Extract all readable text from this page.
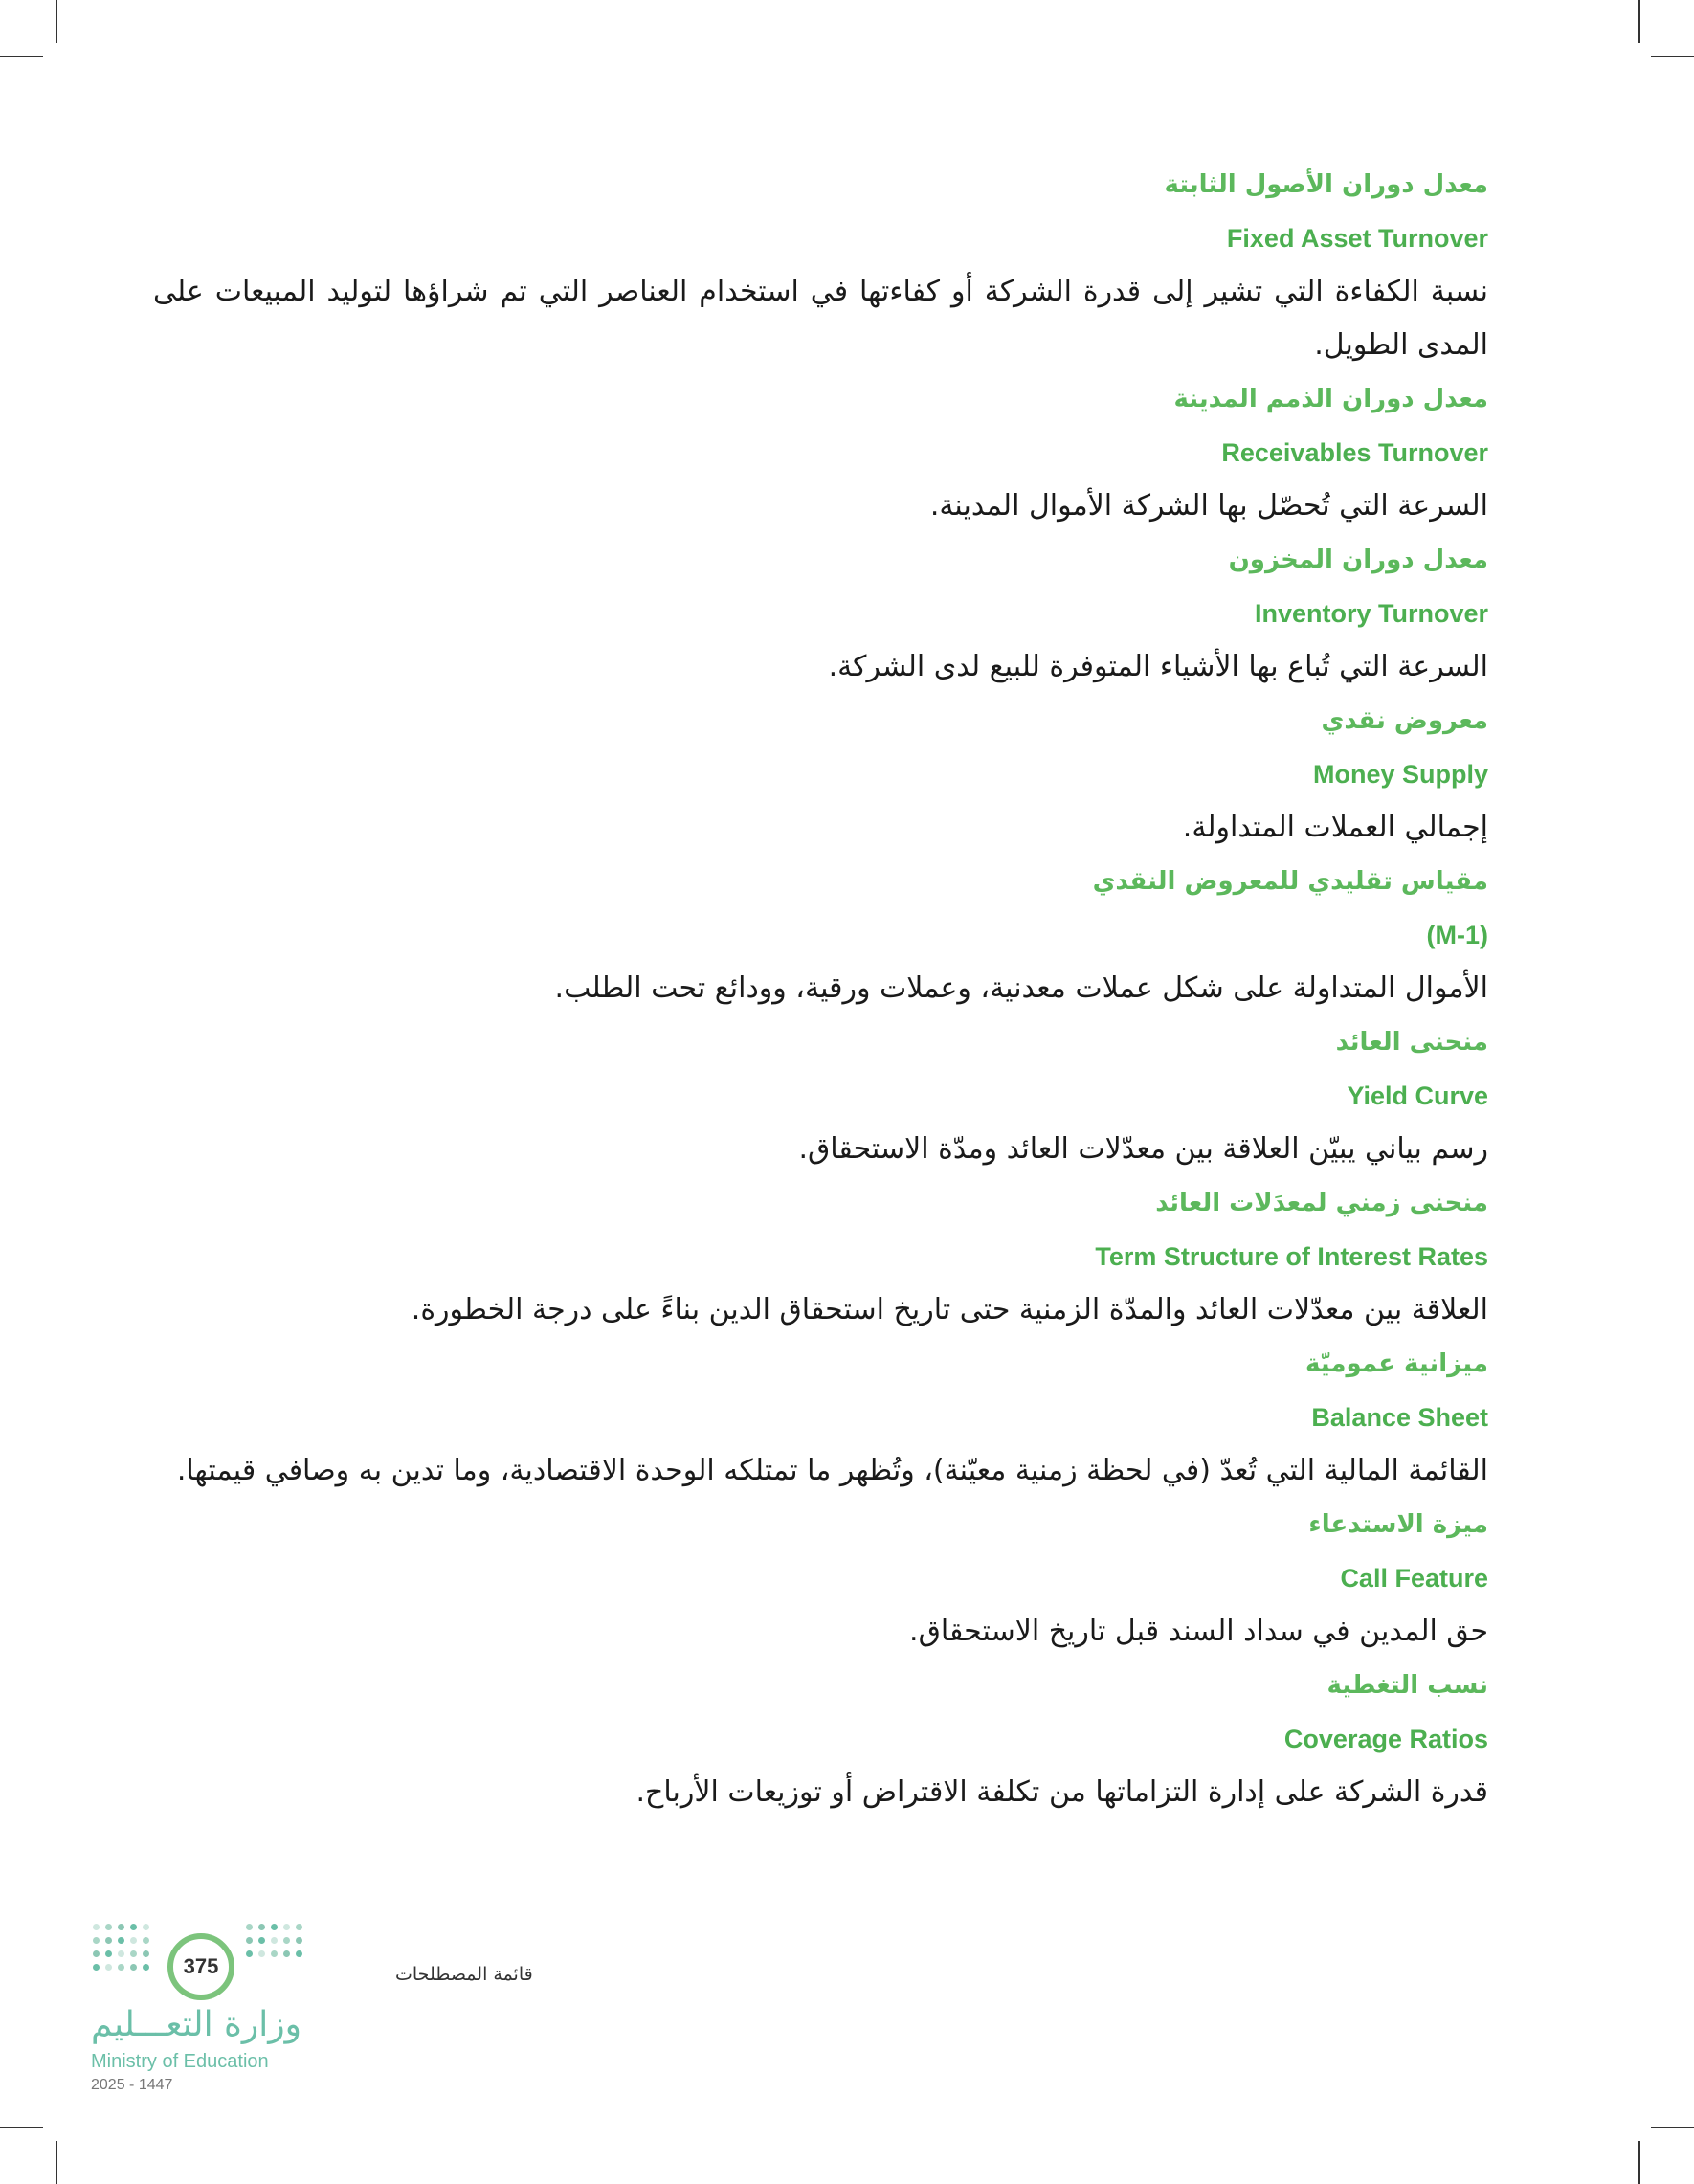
معدل دوران الأصول الثابتة
Fixed Asset Turnover
نسبة الكفاءة التي تشير إلى قدرة الشركة أو كفاءتها في استخدام العناصر التي تم شراؤها لتوليد المبيعات على المدى الطويل.
معدل دوران الذمم المدينة
Receivables Turnover
السرعة التي تُحصّل بها الشركة الأموال المدينة.
معدل دوران المخزون
Inventory Turnover
السرعة التي تُباع بها الأشياء المتوفرة للبيع لدى الشركة.
معروض نقدي
Money Supply
إجمالي العملات المتداولة.
مقياس تقليدي للمعروض النقدي
(M-1)
الأموال المتداولة على شكل عملات معدنية، وعملات ورقية، وودائع تحت الطلب.
منحنى العائد
Yield Curve
رسم بياني يبيّن العلاقة بين معدّلات العائد ومدّة الاستحقاق.
منحنى زمني لمعدَلات العائد
Term Structure of Interest Rates
العلاقة بين معدّلات العائد والمدّة الزمنية حتى تاريخ استحقاق الدين بناءً على درجة الخطورة.
ميزانية عموميّة
Balance Sheet
القائمة المالية التي تُعدّ (في لحظة زمنية معيّنة)، وتُظهر ما تمتلكه الوحدة الاقتصادية، وما تدين به وصافي قيمتها.
ميزة الاستدعاء
Call Feature
حق المدين في سداد السند قبل تاريخ الاستحقاق.
نسب التغطية
Coverage Ratios
قدرة الشركة على إدارة التزاماتها من تكلفة الاقتراض أو توزيعات الأرباح.
375	قائمة المصطلحات
وزارة التعـــليم
Ministry of Education
2025 - 1447
